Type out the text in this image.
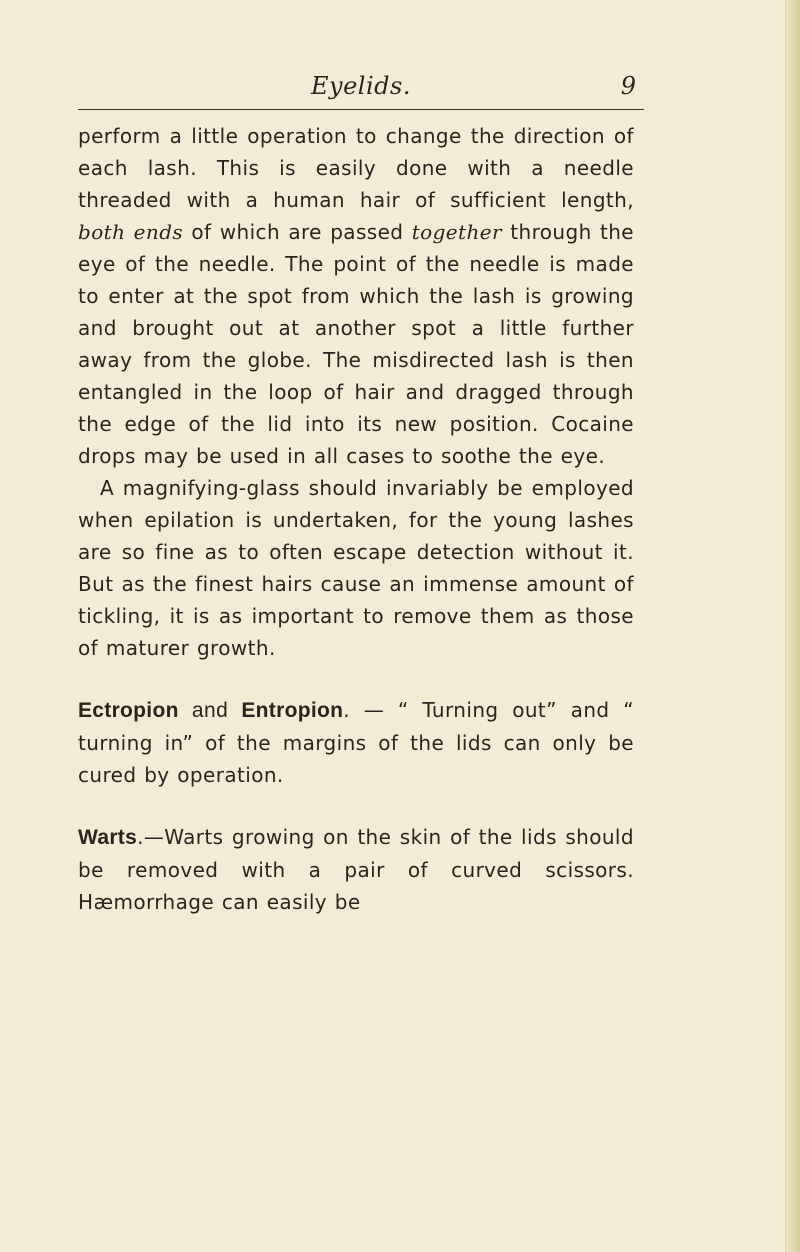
Eyelids.	9

perform a little operation to change the direction of each lash. This is easily done with a needle threaded with a human hair of sufficient length, both ends of which are passed together through the eye of the needle. The point of the needle is made to enter at the spot from which the lash is growing and brought out at another spot a little further away from the globe. The misdirected lash is then entangled in the loop of hair and dragged through the edge of the lid into its new position. Cocaine drops may be used in all cases to soothe the eye.

A magnifying-glass should invariably be employed when epilation is undertaken, for the young lashes are so fine as to often escape detection without it. But as the finest hairs cause an immense amount of tickling, it is as important to remove them as those of maturer growth.

Ectropion and Entropion. — “ Turning out” and “ turning in” of the margins of the lids can only be cured by operation.

Warts.—Warts growing on the skin of the lids should be removed with a pair of curved scissors. Hæmorrhage can easily be
